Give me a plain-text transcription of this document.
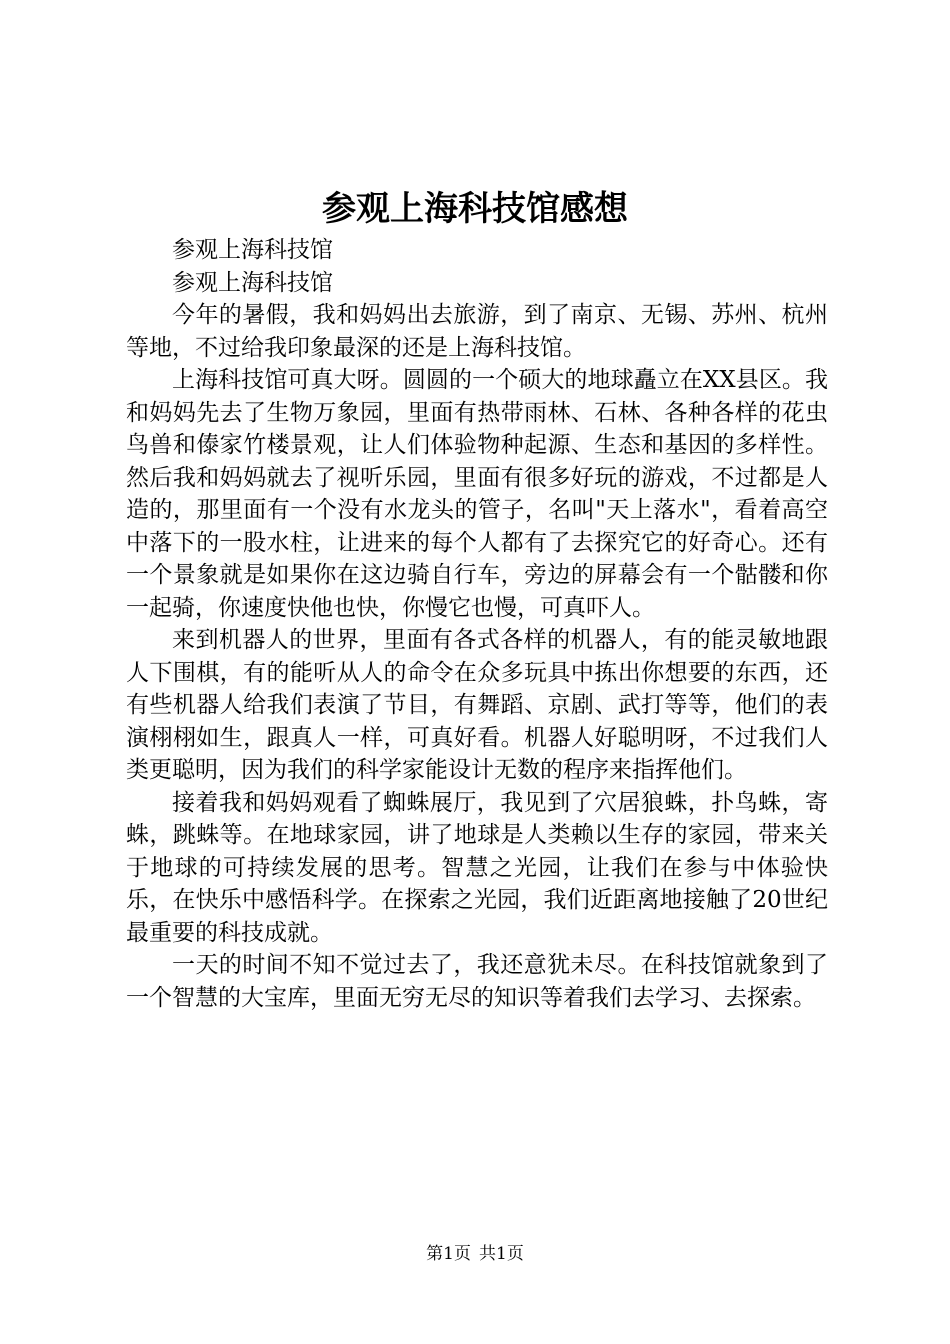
参观上海科技馆感想

参观上海科技馆

参观上海科技馆

今年的暑假，我和妈妈出去旅游，到了南京、无锡、苏州、杭州等地，不过给我印象最深的还是上海科技馆。

上海科技馆可真大呀。圆圆的一个硕大的地球矗立在XX县区。我和妈妈先去了生物万象园，里面有热带雨林、石林、各种各样的花虫鸟兽和傣家竹楼景观，让人们体验物种起源、生态和基因的多样性。然后我和妈妈就去了视听乐园，里面有很多好玩的游戏，不过都是人造的，那里面有一个没有水龙头的管子，名叫"天上落水"，看着高空中落下的一股水柱，让进来的每个人都有了去探究它的好奇心。还有一个景象就是如果你在这边骑自行车，旁边的屏幕会有一个骷髅和你一起骑，你速度快他也快，你慢它也慢，可真吓人。

来到机器人的世界，里面有各式各样的机器人，有的能灵敏地跟人下围棋，有的能听从人的命令在众多玩具中拣出你想要的东西，还有些机器人给我们表演了节目，有舞蹈、京剧、武打等等，他们的表演栩栩如生，跟真人一样，可真好看。机器人好聪明呀，不过我们人类更聪明，因为我们的科学家能设计无数的程序来指挥他们。

接着我和妈妈观看了蜘蛛展厅，我见到了穴居狼蛛，扑鸟蛛，寄蛛，跳蛛等。在地球家园，讲了地球是人类赖以生存的家园，带来关于地球的可持续发展的思考。智慧之光园，让我们在参与中体验快乐，在快乐中感悟科学。在探索之光园，我们近距离地接触了20世纪最重要的科技成就。

一天的时间不知不觉过去了，我还意犹未尽。在科技馆就象到了一个智慧的大宝库，里面无穷无尽的知识等着我们去学习、去探索。

第1页 共1页
